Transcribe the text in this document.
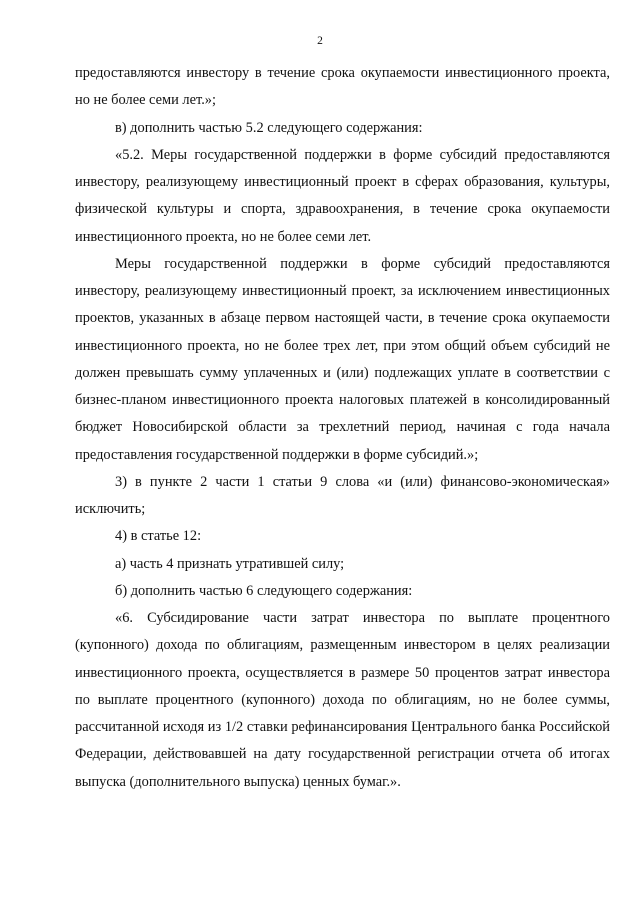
2

предоставляются инвестору в течение срока окупаемости инвестиционного проекта, но не более семи лет.»;

в) дополнить частью 5.2 следующего содержания:

«5.2. Меры государственной поддержки в форме субсидий предоставляются инвестору, реализующему инвестиционный проект в сферах образования, культуры, физической культуры и спорта, здравоохранения, в течение срока окупаемости инвестиционного проекта, но не более семи лет.

Меры государственной поддержки в форме субсидий предоставляются инвестору, реализующему инвестиционный проект, за исключением инвестиционных проектов, указанных в абзаце первом настоящей части, в течение срока окупаемости инвестиционного проекта, но не более трех лет, при этом общий объем субсидий не должен превышать сумму уплаченных и (или) подлежащих уплате в соответствии с бизнес-планом инвестиционного проекта налоговых платежей в консолидированный бюджет Новосибирской области за трехлетний период, начиная с года начала предоставления государственной поддержки в форме субсидий.»;

3) в пункте 2 части 1 статьи 9 слова «и (или) финансово-экономическая» исключить;

4) в статье 12:

а) часть 4 признать утратившей силу;

б) дополнить частью 6 следующего содержания:

«6. Субсидирование части затрат инвестора по выплате процентного (купонного) дохода по облигациям, размещенным инвестором в целях реализации инвестиционного проекта, осуществляется в размере 50 процентов затрат инвестора по выплате процентного (купонного) дохода по облигациям, но не более суммы, рассчитанной исходя из 1/2 ставки рефинансирования Центрального банка Российской Федерации, действовавшей на дату государственной регистрации отчета об итогах выпуска (дополнительного выпуска) ценных бумаг.».
